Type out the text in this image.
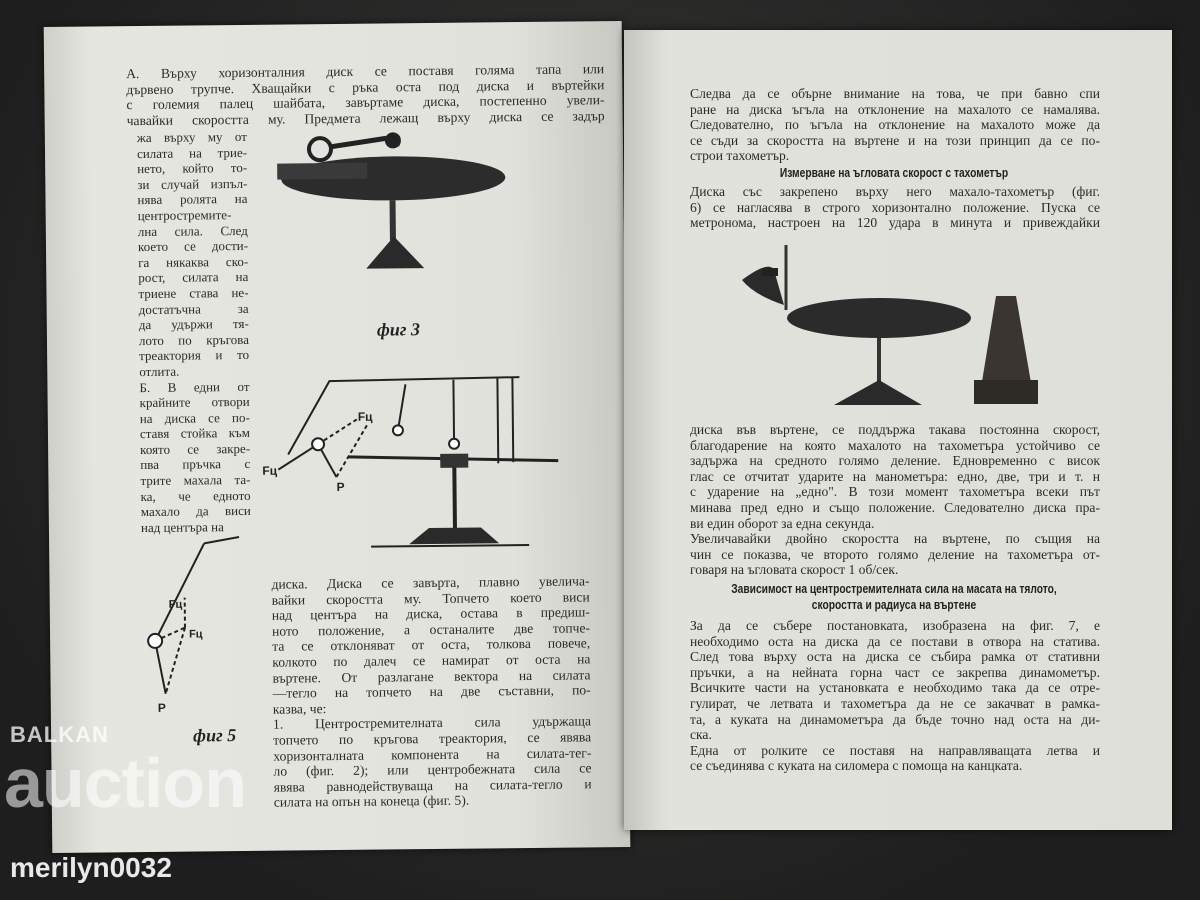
А. Върху хоризонталния диск се поставя голяма тапа или
дървено трупче. Хващайки с ръка оста под диска и въртейки
с големия палец шайбата, завъртаме диска, постепенно увели-
чавайки скоростта му. Предмета лежащ върху диска се задър
жа върху му от
силата на трие-
нето, който то-
зи случай изпъл-
нява ролята на
центростремите-
лна сила. След
което се дости-
га някаква ско-
рост, силата на
триене става не-
достатъчна за
да удържи тя-
лото по кръгова
треактория и то
отлита.
Б. В едни от
крайните отвори
на диска се по-
ставя стойка към
която се закре-
пва пръчка с
трите махала та-
ка, че едното
махало да виси
над центъра на
фиг 3
Fц
Fц
P
Fц
Fц
P
фиг 5
диска. Диска се завърта, плавно увеличa-
вайки скоростта му. Топчето което виси
над центъра на диска, остава в предиш-
ното положение, а останалите две топче-
та се отклоняват от оста, толкова повече,
колкото по далеч се намират от оста на
въртене. От разлагане вектора на силата
—тегло на топчето на две съставни, по-
казва, че:
1. Центростремителната сила удържаща
топчето по кръгова треактория, се явява
хоризонталната компонента на силата-тег-
ло (фиг. 2); или центробежната сила се
явява равнодействуваща на силата-тегло и
силата на опън на конеца (фиг. 5).
Следва да се обърне внимание на това, че при бавно спи
ране на диска ъгъла на отклонение на махалото се намалява.
Следователно, по ъгъла на отклонение на махалото може да
се съди за скоростта на въртене и на този принцип да се по-
строи тахометър.
Измерване на ъгловата скорост с тахометър
Диска със закрепено върху него махало-тахометър (фиг.
6) се нагласява в строго хоризонтално положение. Пуска се
метронома, настроен на 120 удара в минута и привеждайки
диска във въртене, се поддържа такава постоянна скорост,
благодарение на която махалото на тахометъра устойчиво се
задържа на средното голямо деление. Едновременно с висок
глас се отчитат ударите на манометъра: едно, две, три и т. н
с ударение на „едно". В този момент тахометъра всеки път
минава пред едно и също положение. Следователно диска пра-
ви един оборот за една секунда.
Увеличавайки двойно скоростта на въртене, по същия на
чин се показва, че второто голямо деление на тахометъра от-
говаря на ъгловата скорост 1 об/сек.
Зависимост на центростремителната сила на масата на тялото,
скоростта и радиуса на въртене
За да се събере постановката, изобразена на фиг. 7, е
необходимо оста на диска да се постави в отвора на статива.
След това върху оста на диска се събира рамка от стативни
пръчки, а на нейната горна част се закрепва динамометър.
Всичките части на установката е необходимо така да се отре-
гулират, че летвата и тахометъра да не се закачват в рамка-
та, а куката на динамометъра да бъде точно над оста на ди-
ска.
Една от ролките се поставя на направляващата летва и
се съединява с куката на силомера с помоща на канцката.
BALKAN
auction
merilyn0032
